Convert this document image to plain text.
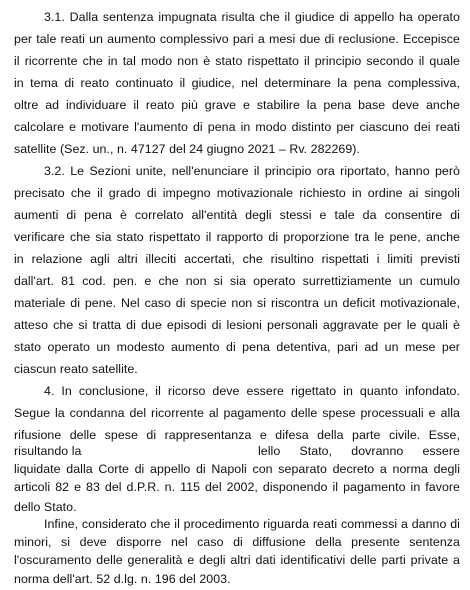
3.1. Dalla sentenza impugnata risulta che il giudice di appello ha operato
per tale reati un aumento complessivo pari a mesi due di reclusione. Eccepisce
il ricorrente che in tal modo non è stato rispettato il principio secondo il quale
in tema di reato continuato il giudice, nel determinare la pena complessiva,
oltre ad individuare il reato più grave e stabilire la pena base deve anche
calcolare e motivare l'aumento di pena in modo distinto per ciascuno dei reati
satellite (Sez. un., n. 47127 del 24 giugno 2021 – Rv. 282269).
3.2. Le Sezioni unite, nell'enunciare il principio ora riportato, hanno però
precisato che il grado di impegno motivazionale richiesto in ordine ai singoli
aumenti di pena è correlato all'entità degli stessi e tale da consentire di
verificare che sia stato rispettato il rapporto di proporzione tra le pene, anche
in relazione agli altri illeciti accertati, che risultino rispettati i limiti previsti
dall'art. 81 cod. pen. e che non si sia operato surrettiziamente un cumulo
materiale di pene. Nel caso di specie non si riscontra un deficit motivazionale,
atteso che si tratta di due episodi di lesioni personali aggravate per le quali è
stato operato un modesto aumento di pena detentiva, pari ad un mese per
ciascun reato satellite.
4. In conclusione, il ricorso deve essere rigettato in quanto infondato.
Segue la condanna del ricorrente al pagamento delle spese processuali e alla
rifusione delle spese di rappresentanza e difesa della parte civile. Esse,
risultando la	lello Stato, dovranno essere
liquidate dalla Corte di appello di Napoli con separato decreto a norma degli
articoli 82 e 83 del d.P.R. n. 115 del 2002, disponendo il pagamento in favore
dello Stato.
Infine, considerato che il procedimento riguarda reati commessi a danno di
minori, si deve disporre nel caso di diffusione della presente sentenza
l'oscuramento delle generalità e degli altri dati identificativi delle parti private a
norma dell'art. 52 d.lg. n. 196 del 2003.
